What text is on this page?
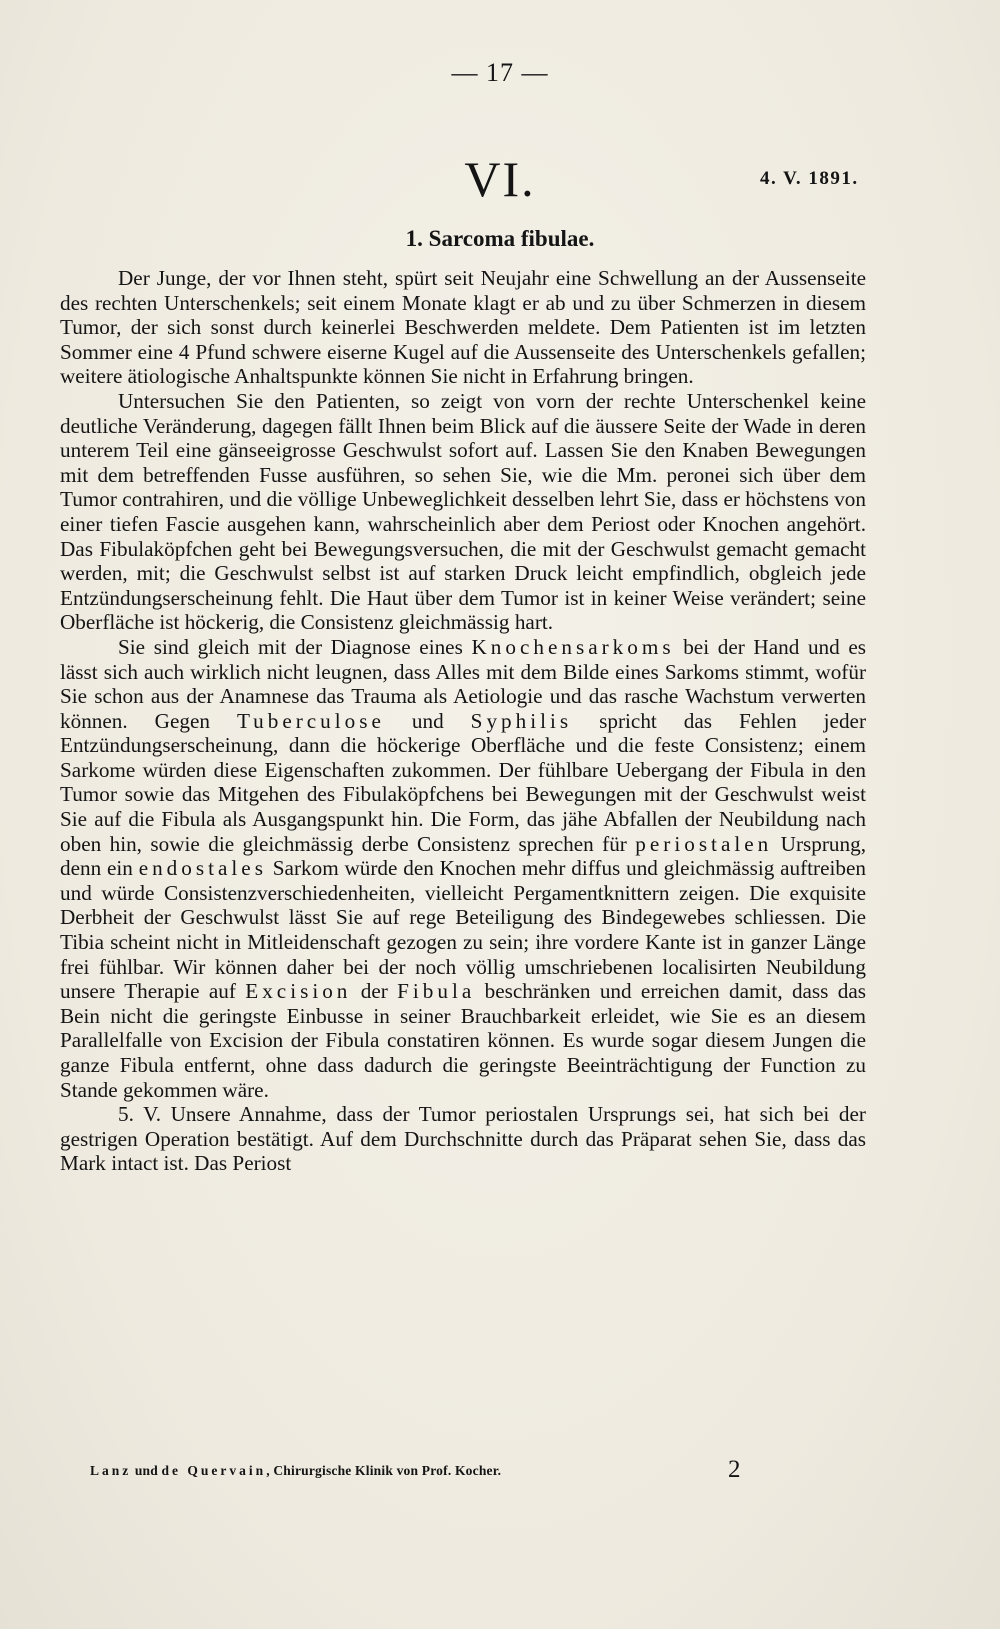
— 17 —
VI.	4. V. 1891.
1. Sarcoma fibulae.

Der Junge, der vor Ihnen steht, spürt seit Neujahr eine Schwellung an der Aussenseite des rechten Unterschenkels; seit einem Monate klagt er ab und zu über Schmerzen in diesem Tumor, der sich sonst durch keinerlei Beschwerden meldete. Dem Patienten ist im letzten Sommer eine 4 Pfund schwere eiserne Kugel auf die Aussenseite des Unterschenkels gefallen; weitere ätiologische Anhaltspunkte können Sie nicht in Erfahrung bringen.

Untersuchen Sie den Patienten, so zeigt von vorn der rechte Unterschenkel keine deutliche Veränderung, dagegen fällt Ihnen beim Blick auf die äussere Seite der Wade in deren unterem Teil eine gänseeigrosse Geschwulst sofort auf. Lassen Sie den Knaben Bewegungen mit dem betreffenden Fusse ausführen, so sehen Sie, wie die Mm. peronei sich über dem Tumor contrahiren, und die völlige Unbeweglichkeit desselben lehrt Sie, dass er höchstens von einer tiefen Fascie ausgehen kann, wahrscheinlich aber dem Periost oder Knochen angehört. Das Fibulaköpfchen geht bei Bewegungsversuchen, die mit der Geschwulst gemacht gemacht werden, mit; die Geschwulst selbst ist auf starken Druck leicht empfindlich, obgleich jede Entzündungserscheinung fehlt. Die Haut über dem Tumor ist in keiner Weise verändert; seine Oberfläche ist höckerig, die Consistenz gleichmässig hart.

Sie sind gleich mit der Diagnose eines Knochensarkoms bei der Hand und es lässt sich auch wirklich nicht leugnen, dass Alles mit dem Bilde eines Sarkoms stimmt, wofür Sie schon aus der Anamnese das Trauma als Aetiologie und das rasche Wachstum verwerten können. Gegen Tuberculose und Syphilis spricht das Fehlen jeder Entzündungserscheinung, dann die höckerige Oberfläche und die feste Consistenz; einem Sarkome würden diese Eigenschaften zukommen. Der fühlbare Uebergang der Fibula in den Tumor sowie das Mitgehen des Fibulaköpfchens bei Bewegungen mit der Geschwulst weist Sie auf die Fibula als Ausgangspunkt hin. Die Form, das jähe Abfallen der Neubildung nach oben hin, sowie die gleichmässig derbe Consistenz sprechen für periostalen Ursprung, denn ein endostales Sarkom würde den Knochen mehr diffus und gleichmässig auftreiben und würde Consistenzverschiedenheiten, vielleicht Pergamentknittern zeigen. Die exquisite Derbheit der Geschwulst lässt Sie auf rege Beteiligung des Bindegewebes schliessen. Die Tibia scheint nicht in Mitleidenschaft gezogen zu sein; ihre vordere Kante ist in ganzer Länge frei fühlbar. Wir können daher bei der noch völlig umschriebenen localisirten Neubildung unsere Therapie auf Excision der Fibula beschränken und erreichen damit, dass das Bein nicht die geringste Einbusse in seiner Brauchbarkeit erleidet, wie Sie es an diesem Parallelfalle von Excision der Fibula constatiren können. Es wurde sogar diesem Jungen die ganze Fibula entfernt, ohne dass dadurch die geringste Beeinträchtigung der Function zu Stande gekommen wäre.

5. V. Unsere Annahme, dass der Tumor periostalen Ursprungs sei, hat sich bei der gestrigen Operation bestätigt. Auf dem Durchschnitte durch das Präparat sehen Sie, dass das Mark intact ist. Das Periost

Lanz und de Quervain, Chirurgische Klinik von Prof. Kocher.	2
